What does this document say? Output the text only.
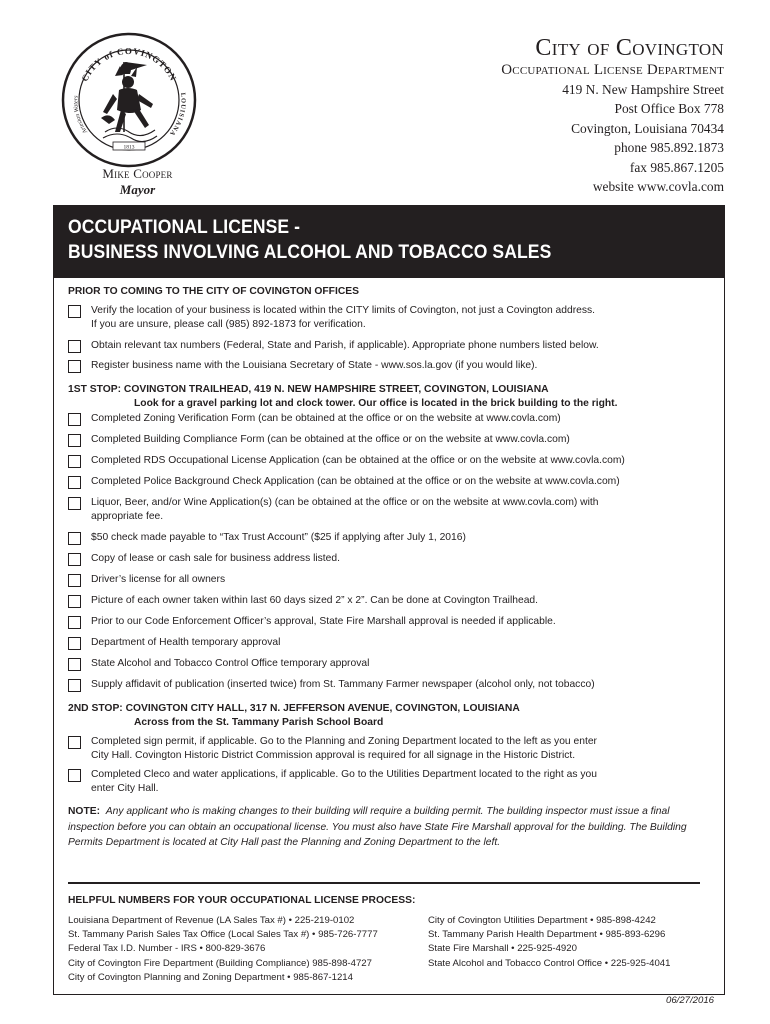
CITY of COVINGTON
LOUISIANA
Artesian Waters
1813
Mike Cooper
Mayor
City of Covington
Occupational License Department
419 N. New Hampshire Street
Post Office Box 778
Covington, Louisiana 70434
phone 985.892.1873
fax 985.867.1205
website www.covla.com
OCCUPATIONAL LICENSE -
BUSINESS INVOLVING ALCOHOL AND TOBACCO SALES
PRIOR TO COMING TO THE CITY OF COVINGTON OFFICES
Verify the location of your business is located within the CITY limits of Covington, not just a Covington address.
If you are unsure, please call (985) 892-1873 for verification.
Obtain relevant tax numbers (Federal, State and Parish, if applicable). Appropriate phone numbers listed below.
Register business name with the Louisiana Secretary of State - www.sos.la.gov (if you would like).
1ST STOP: COVINGTON TRAILHEAD, 419 N. NEW HAMPSHIRE STREET, COVINGTON, LOUISIANA
Look for a gravel parking lot and clock tower. Our office is located in the brick building to the right.
Completed Zoning Verification Form (can be obtained at the office or on the website at www.covla.com)
Completed Building Compliance Form (can be obtained at the office or on the website at www.covla.com)
Completed RDS Occupational License Application (can be obtained at the office or on the website at www.covla.com)
Completed Police Background Check Application (can be obtained at the office or on the website at www.covla.com)
Liquor, Beer, and/or Wine Application(s) (can be obtained at the office or on the website at www.covla.com) with
appropriate fee.
$50 check made payable to “Tax Trust Account” ($25 if applying after July 1, 2016)
Copy of lease or cash sale for business address listed.
Driver’s license for all owners
Picture of each owner taken within last 60 days sized 2” x 2”. Can be done at Covington Trailhead.
Prior to our Code Enforcement Officer’s approval, State Fire Marshall approval is needed if applicable.
Department of Health temporary approval
State Alcohol and Tobacco Control Office temporary approval
Supply affidavit of publication (inserted twice) from St. Tammany Farmer newspaper (alcohol only, not tobacco)
2ND STOP: COVINGTON CITY HALL, 317 N. JEFFERSON AVENUE, COVINGTON, LOUISIANA
Across from the St. Tammany Parish School Board
Completed sign permit, if applicable. Go to the Planning and Zoning Department located to the left as you enter
City Hall. Covington Historic District Commission approval is required for all signage in the Historic District.
Completed Cleco and water applications, if applicable. Go to the Utilities Department located to the right as you
enter City Hall.
NOTE: Any applicant who is making changes to their building will require a building permit. The building inspector must issue a final inspection before you can obtain an occupational license. You must also have State Fire Marshall approval for the building. The Building Permits Department is located at City Hall past the Planning and Zoning Department to the left.
HELPFUL NUMBERS FOR YOUR OCCUPATIONAL LICENSE PROCESS:
Louisiana Department of Revenue (LA Sales Tax #) • 225-219-0102
St. Tammany Parish Sales Tax Office (Local Sales Tax #) • 985-726-7777
Federal Tax I.D. Number - IRS • 800-829-3676
City of Covington Fire Department (Building Compliance) 985-898-4727
City of Covington Planning and Zoning Department • 985-867-1214
City of Covington Utilities Department • 985-898-4242
St. Tammany Parish Health Department • 985-893-6296
State Fire Marshall • 225-925-4920
State Alcohol and Tobacco Control Office • 225-925-4041
06/27/2016
